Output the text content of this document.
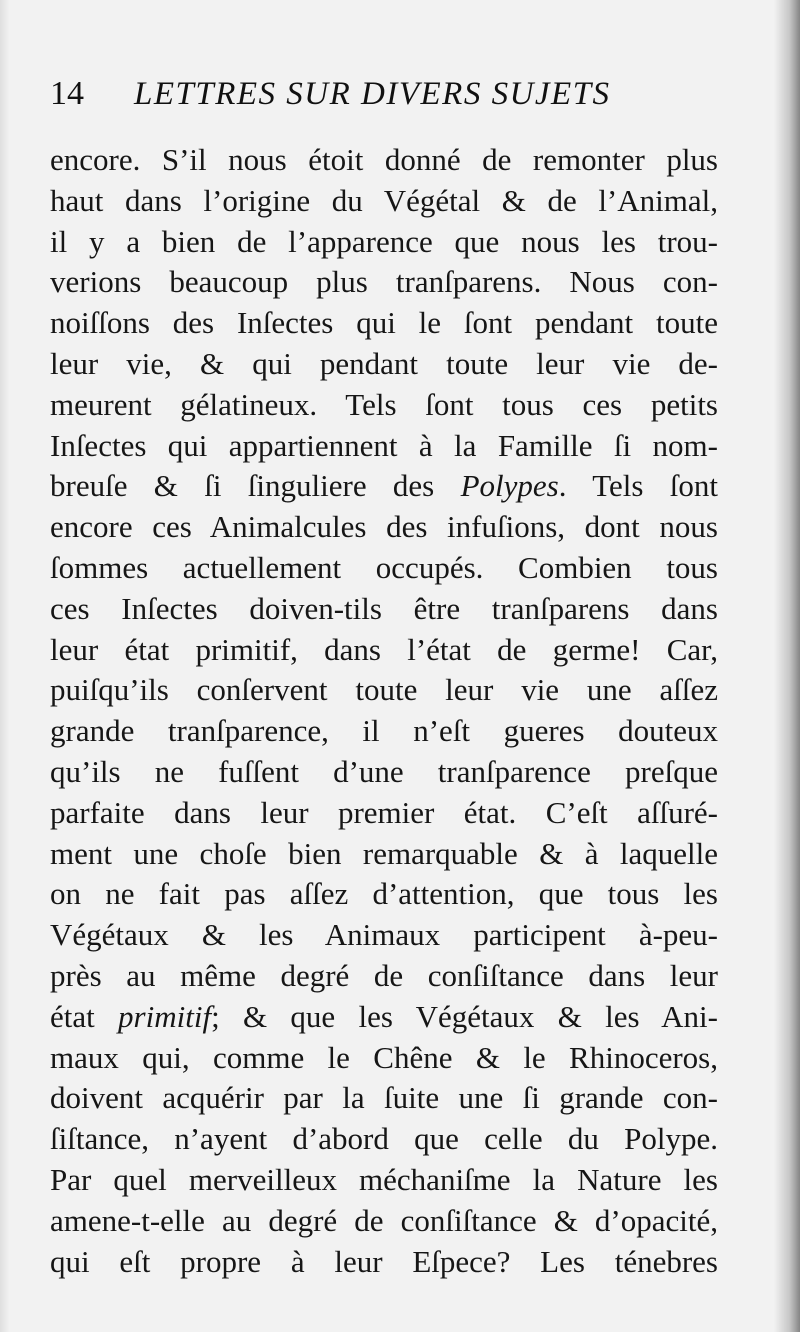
14 LETTRES SUR DIVERS SUJETS
encore. S’il nous étoit donné de remonter plus
haut dans l’origine du Végétal & de l’Animal,
il y a bien de l’apparence que nous les trou-
verions beaucoup plus tranſparens. Nous con-
noiſſons des Inſectes qui le ſont pendant toute
leur vie, & qui pendant toute leur vie de-
meurent gélatineux. Tels ſont tous ces petits
Inſectes qui appartiennent à la Famille ſi nom-
breuſe & ſi ſinguliere des Polypes. Tels ſont
encore ces Animalcules des infuſions, dont nous
ſommes actuellement occupés. Combien tous
ces Inſectes doiven-tils être tranſparens dans
leur état primitif, dans l’état de germe! Car,
puiſqu’ils conſervent toute leur vie une aſſez
grande tranſparence, il n’eſt gueres douteux
qu’ils ne fuſſent d’une tranſparence preſque
parfaite dans leur premier état. C’eſt aſſuré-
ment une choſe bien remarquable & à laquelle
on ne fait pas aſſez d’attention, que tous les
Végétaux & les Animaux participent à-peu-
près au même degré de conſiſtance dans leur
état primitif; & que les Végétaux & les Ani-
maux qui, comme le Chêne & le Rhinoceros,
doivent acquérir par la ſuite une ſi grande con-
ſiſtance, n’ayent d’abord que celle du Polype.
Par quel merveilleux méchaniſme la Nature les
amene-t-elle au degré de conſiſtance & d’opacité,
qui eſt propre à leur Eſpece? Les ténebres
